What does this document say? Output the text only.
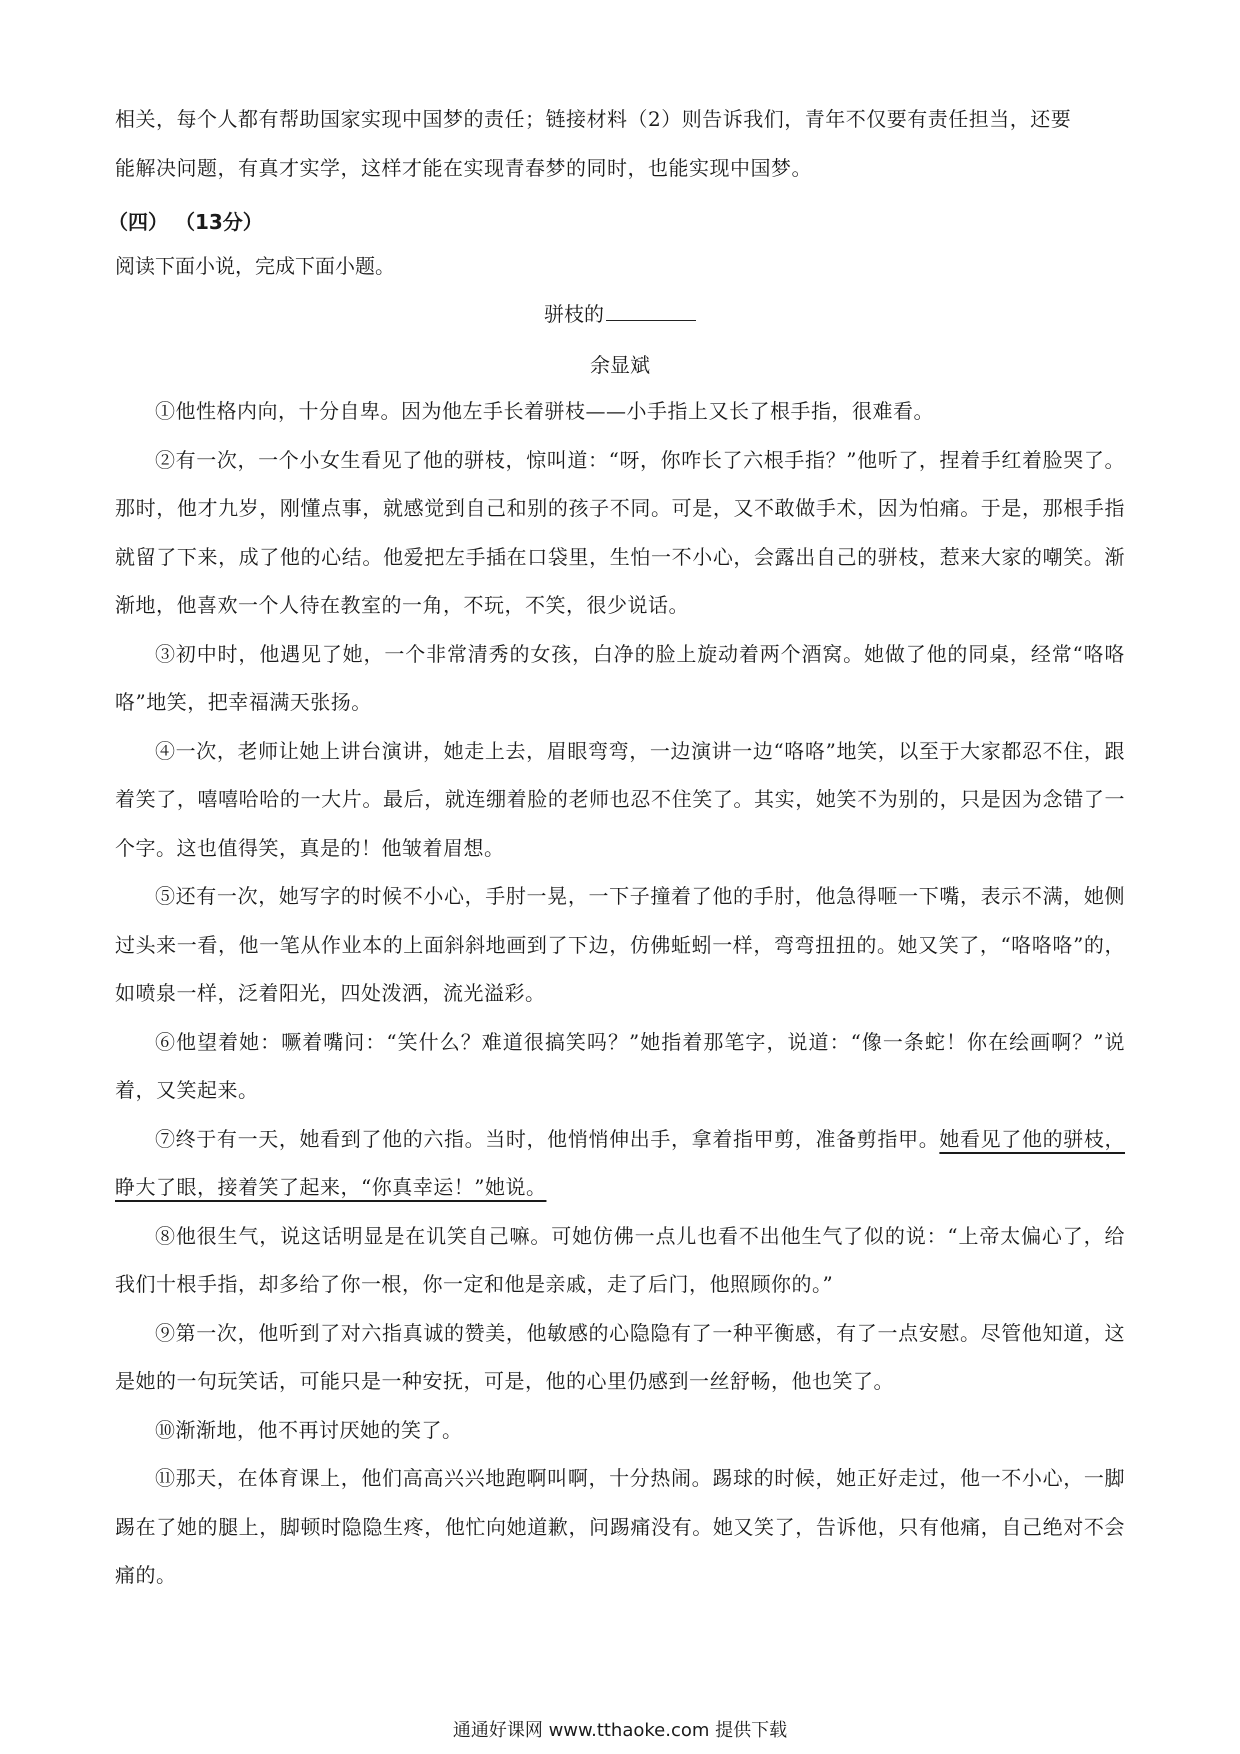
相关，每个人都有帮助国家实现中国梦的责任；链接材料（2）则告诉我们，青年不仅要有责任担当，还要

能解决问题，有真才实学，这样才能在实现青春梦的同时，也能实现中国梦。

（四） （13分）
阅读下面小说，完成下面小题。
骈枝的
余显斌

①他性格内向，十分自卑。因为他左手长着骈枝——小手指上又长了根手指，很难看。

②有一次，一个小女生看见了他的骈枝，惊叫道：“呀，你咋长了六根手指？”他听了，捏着手红着脸哭了。那时，他才九岁，刚懂点事，就感觉到自己和别的孩子不同。可是，又不敢做手术，因为怕痛。于是，那根手指就留了下来，成了他的心结。他爱把左手插在口袋里，生怕一不小心，会露出自己的骈枝，惹来大家的嘲笑。渐渐地，他喜欢一个人待在教室的一角，不玩，不笑，很少说话。

③初中时，他遇见了她，一个非常清秀的女孩，白净的脸上旋动着两个酒窝。她做了他的同桌，经常“咯咯咯”地笑，把幸福满天张扬。

④一次，老师让她上讲台演讲，她走上去，眉眼弯弯，一边演讲一边“咯咯”地笑，以至于大家都忍不住，跟着笑了，嘻嘻哈哈的一大片。最后，就连绷着脸的老师也忍不住笑了。其实，她笑不为别的，只是因为念错了一个字。这也值得笑，真是的！他皱着眉想。

⑤还有一次，她写字的时候不小心，手肘一晃，一下子撞着了他的手肘，他急得咂一下嘴，表示不满，她侧过头来一看，他一笔从作业本的上面斜斜地画到了下边，仿佛蚯蚓一样，弯弯扭扭的。她又笑了，“咯咯咯”的，如喷泉一样，泛着阳光，四处泼洒，流光溢彩。

⑥他望着她：噘着嘴问：“笑什么？难道很搞笑吗？”她指着那笔字，说道：“像一条蛇！你在绘画啊？”说着，又笑起来。

⑦终于有一天，她看到了他的六指。当时，他悄悄伸出手，拿着指甲剪，准备剪指甲。她看见了他的骈枝，睁大了眼，接着笑了起来，“你真幸运！”她说。

⑧他很生气，说这话明显是在讥笑自己嘛。可她仿佛一点儿也看不出他生气了似的说：“上帝太偏心了，给我们十根手指，却多给了你一根，你一定和他是亲戚，走了后门，他照顾你的。”

⑨第一次，他听到了对六指真诚的赞美，他敏感的心隐隐有了一种平衡感，有了一点安慰。尽管他知道，这是她的一句玩笑话，可能只是一种安抚，可是，他的心里仍感到一丝舒畅，他也笑了。

⑩渐渐地，他不再讨厌她的笑了。

⑪那天，在体育课上，他们高高兴兴地跑啊叫啊，十分热闹。踢球的时候，她正好走过，他一不小心，一脚踢在了她的腿上，脚顿时隐隐生疼，他忙向她道歉，问踢痛没有。她又笑了，告诉他，只有他痛，自己绝对不会痛的。

通通好课网 www.tthaoke.com 提供下载
